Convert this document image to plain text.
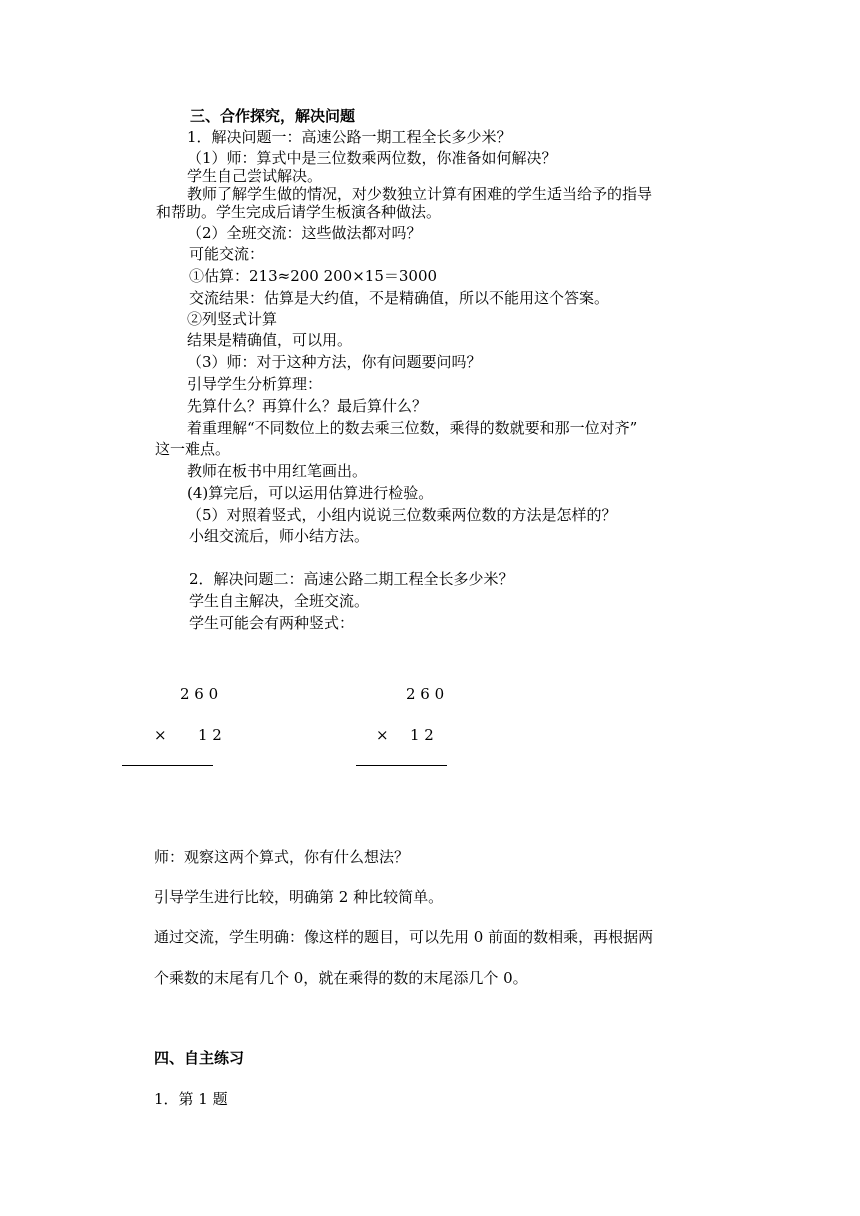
三、合作探究，解决问题
1．解决问题一：高速公路一期工程全长多少米？
（1）师：算式中是三位数乘两位数，你准备如何解决？
学生自己尝试解决。
教师了解学生做的情况，对少数独立计算有困难的学生适当给予的指导
和帮助。学生完成后请学生板演各种做法。
（2）全班交流：这些做法都对吗？
可能交流：
①估算：213≈200 200×15＝3000
交流结果：估算是大约值，不是精确值，所以不能用这个答案。
②列竖式计算
结果是精确值，可以用。
（3）师：对于这种方法，你有问题要问吗？
引导学生分析算理：
先算什么？再算什么？最后算什么？
着重理解“不同数位上的数去乘三位数，乘得的数就要和那一位对齐”
这一难点。
教师在板书中用红笔画出。
(4)算完后，可以运用估算进行检验。
（5）对照着竖式，小组内说说三位数乘两位数的方法是怎样的？
小组交流后，师小结方法。
2．解决问题二：高速公路二期工程全长多少米？
学生自主解决，全班交流。
学生可能会有两种竖式：
2 6 0
× 1 2
2 6 0
× 1 2
师：观察这两个算式，你有什么想法？
引导学生进行比较，明确第 2 种比较简单。
通过交流，学生明确：像这样的题目，可以先用 0 前面的数相乘，再根据两
个乘数的末尾有几个 0，就在乘得的数的末尾添几个 0。
四、自主练习
1．第 1 题
